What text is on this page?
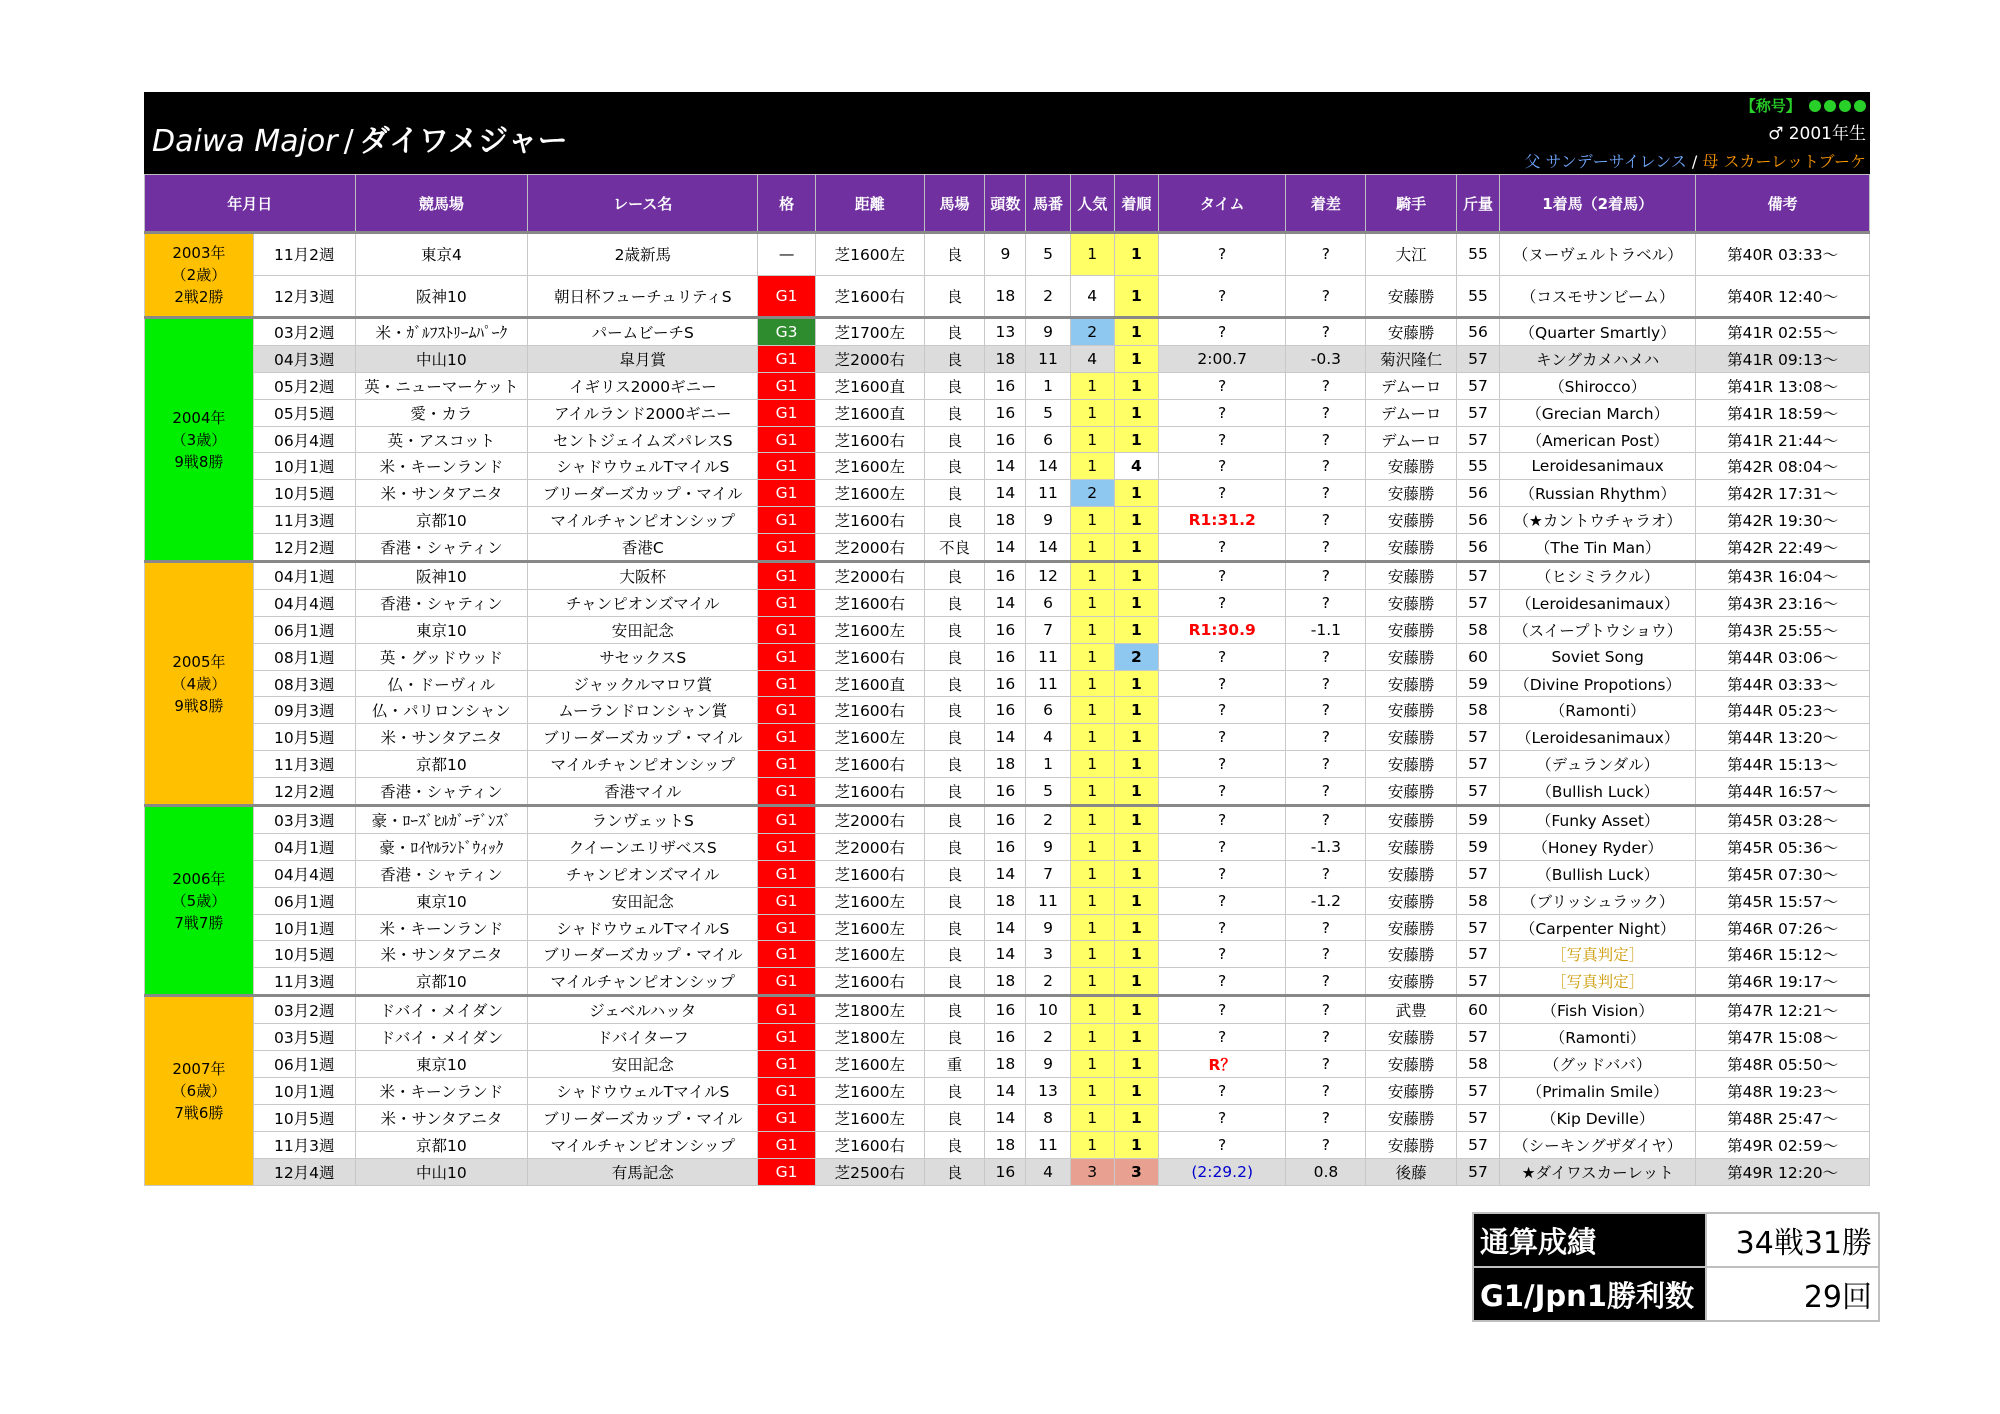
Daiwa Major / ダイワメジャー
【称号】
♂ 2001年生
父 サンデーサイレンス / 母 スカーレットブーケ
年月日		競馬場	レース名	格	距離	馬場	頭数	馬番	人気	着順	タイム	着差	騎手	斤量	1着馬（2着馬）	備考

2003年
（2歳）
2戦2勝	11月2週	東京4	2歳新馬	—	芝1600左	良	9	5	1	1	?	?	大江	55	（ヌーヴェルトラベル）	第40R 03:33～
	12月3週	阪神10	朝日杯フューチュリティS	G1	芝1600右	良	18	2	4	1	?	?	安藤勝	55	（コスモサンビーム）	第40R 12:40～

2004年
（3歳）
9戦8勝	03月2週	米・ｶﾞﾙﾌｽﾄﾘｰﾑﾊﾟｰｸ	パームビーチS	G3	芝1700左	良	13	9	2	1	?	?	安藤勝	56	（Quarter Smartly）	第41R 02:55～
	04月3週	中山10	皐月賞	G1	芝2000右	良	18	11	4	1	2:00.7	-0.3	菊沢隆仁	57	キングカメハメハ	第41R 09:13～
	05月2週	英・ニューマーケット	イギリス2000ギニー	G1	芝1600直	良	16	1	1	1	?	?	デムーロ	57	（Shirocco）	第41R 13:08～
	05月5週	愛・カラ	アイルランド2000ギニー	G1	芝1600直	良	16	5	1	1	?	?	デムーロ	57	（Grecian March）	第41R 18:59～
	06月4週	英・アスコット	セントジェイムズパレスS	G1	芝1600右	良	16	6	1	1	?	?	デムーロ	57	（American Post）	第41R 21:44～
	10月1週	米・キーンランド	シャドウウェルTマイルS	G1	芝1600左	良	14	14	1	4	?	?	安藤勝	55	Leroidesanimaux	第42R 08:04～
	10月5週	米・サンタアニタ	ブリーダーズカップ・マイル	G1	芝1600左	良	14	11	2	1	?	?	安藤勝	56	（Russian Rhythm）	第42R 17:31～
	11月3週	京都10	マイルチャンピオンシップ	G1	芝1600右	良	18	9	1	1	R1:31.2	?	安藤勝	56	（★カントウチャラオ）	第42R 19:30～
	12月2週	香港・シャティン	香港C	G1	芝2000右	不良	14	14	1	1	?	?	安藤勝	56	（The Tin Man）	第42R 22:49～

2005年
（4歳）
9戦8勝	04月1週	阪神10	大阪杯	G1	芝2000右	良	16	12	1	1	?	?	安藤勝	57	（ヒシミラクル）	第43R 16:04～
	04月4週	香港・シャティン	チャンピオンズマイル	G1	芝1600右	良	14	6	1	1	?	?	安藤勝	57	（Leroidesanimaux）	第43R 23:16～
	06月1週	東京10	安田記念	G1	芝1600左	良	16	7	1	1	R1:30.9	-1.1	安藤勝	58	（スイープトウショウ）	第43R 25:55～
	08月1週	英・グッドウッド	サセックスS	G1	芝1600右	良	16	11	1	2	?	?	安藤勝	60	Soviet Song	第44R 03:06～
	08月3週	仏・ドーヴィル	ジャックルマロワ賞	G1	芝1600直	良	16	11	1	1	?	?	安藤勝	59	（Divine Propotions）	第44R 03:33～
	09月3週	仏・パリロンシャン	ムーランドロンシャン賞	G1	芝1600右	良	16	6	1	1	?	?	安藤勝	58	（Ramonti）	第44R 05:23～
	10月5週	米・サンタアニタ	ブリーダーズカップ・マイル	G1	芝1600左	良	14	4	1	1	?	?	安藤勝	57	（Leroidesanimaux）	第44R 13:20～
	11月3週	京都10	マイルチャンピオンシップ	G1	芝1600右	良	18	1	1	1	?	?	安藤勝	57	（デュランダル）	第44R 15:13～
	12月2週	香港・シャティン	香港マイル	G1	芝1600右	良	16	5	1	1	?	?	安藤勝	57	（Bullish Luck）	第44R 16:57～

2006年
（5歳）
7戦7勝	03月3週	豪・ﾛｰｽﾞﾋﾙｶﾞｰﾃﾞﾝｽﾞ	ランヴェットS	G1	芝2000右	良	16	2	1	1	?	?	安藤勝	59	（Funky Asset）	第45R 03:28～
	04月1週	豪・ﾛｲﾔﾙﾗﾝﾄﾞｳｨｯｸ	クイーンエリザベスS	G1	芝2000右	良	16	9	1	1	?	-1.3	安藤勝	59	（Honey Ryder）	第45R 05:36～
	04月4週	香港・シャティン	チャンピオンズマイル	G1	芝1600右	良	14	7	1	1	?	?	安藤勝	57	（Bullish Luck）	第45R 07:30～
	06月1週	東京10	安田記念	G1	芝1600左	良	18	11	1	1	?	-1.2	安藤勝	58	（ブリッシュラック）	第45R 15:57～
	10月1週	米・キーンランド	シャドウウェルTマイルS	G1	芝1600左	良	14	9	1	1	?	?	安藤勝	57	（Carpenter Night）	第46R 07:26～
	10月5週	米・サンタアニタ	ブリーダーズカップ・マイル	G1	芝1600左	良	14	3	1	1	?	?	安藤勝	57	［写真判定］	第46R 15:12～
	11月3週	京都10	マイルチャンピオンシップ	G1	芝1600右	良	18	2	1	1	?	?	安藤勝	57	［写真判定］	第46R 19:17～

2007年
（6歳）
7戦6勝	03月2週	ドバイ・メイダン	ジェベルハッタ	G1	芝1800左	良	16	10	1	1	?	?	武豊	60	（Fish Vision）	第47R 12:21～
	03月5週	ドバイ・メイダン	ドバイターフ	G1	芝1800左	良	16	2	1	1	?	?	安藤勝	57	（Ramonti）	第47R 15:08～
	06月1週	東京10	安田記念	G1	芝1600左	重	18	9	1	1	R？	?	安藤勝	58	（グッドババ）	第48R 05:50～
	10月1週	米・キーンランド	シャドウウェルTマイルS	G1	芝1600左	良	14	13	1	1	?	?	安藤勝	57	（Primalin Smile）	第48R 19:23～
	10月5週	米・サンタアニタ	ブリーダーズカップ・マイル	G1	芝1600左	良	14	8	1	1	?	?	安藤勝	57	（Kip Deville）	第48R 25:47～
	11月3週	京都10	マイルチャンピオンシップ	G1	芝1600右	良	18	11	1	1	?	?	安藤勝	57	（シーキングザダイヤ）	第49R 02:59～
	12月4週	中山10	有馬記念	G1	芝2500右	良	16	4	3	3	(2:29.2)	0.8	後藤	57	★ダイワスカーレット	第49R 12:20～
通算成績	34戦31勝
G1/Jpn1勝利数	29回
